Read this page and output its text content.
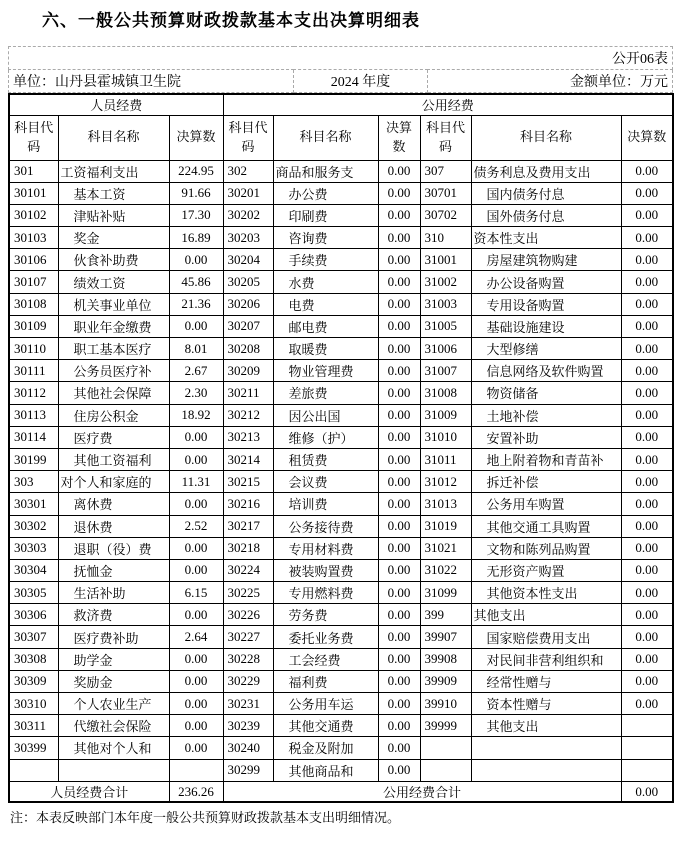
六、一般公共预算财政拨款基本支出决算明细表
公开06表
单位：山丹县霍城镇卫生院	2024 年度	金额单位：万元
人员经费			公用经费					
科目代码	科目名称	决算数	科目代码	科目名称	决算数	科目代码	科目名称	决算数
301	工资福利支出	224.95	302	商品和服务支	0.00	307	债务利息及费用支出	0.00
30101	　基本工资	91.66	30201	　办公费	0.00	30701	　国内债务付息	0.00
30102	　津贴补贴	17.30	30202	　印刷费	0.00	30702	　国外债务付息	0.00
30103	　奖金	16.89	30203	　咨询费	0.00	310	资本性支出	0.00
30106	　伙食补助费	0.00	30204	　手续费	0.00	31001	　房屋建筑物购建	0.00
30107	　绩效工资	45.86	30205	　水费	0.00	31002	　办公设备购置	0.00
30108	　机关事业单位	21.36	30206	　电费	0.00	31003	　专用设备购置	0.00
30109	　职业年金缴费	0.00	30207	　邮电费	0.00	31005	　基础设施建设	0.00
30110	　职工基本医疗	8.01	30208	　取暖费	0.00	31006	　大型修缮	0.00
30111	　公务员医疗补	2.67	30209	　物业管理费	0.00	31007	　信息网络及软件购置	0.00
30112	　其他社会保障	2.30	30211	　差旅费	0.00	31008	　物资储备	0.00
30113	　住房公积金	18.92	30212	　因公出国	0.00	31009	　土地补偿	0.00
30114	　医疗费	0.00	30213	　维修（护）	0.00	31010	　安置补助	0.00
30199	　其他工资福利	0.00	30214	　租赁费	0.00	31011	　地上附着物和青苗补	0.00
303	对个人和家庭的	11.31	30215	　会议费	0.00	31012	　拆迁补偿	0.00
30301	　离休费	0.00	30216	　培训费	0.00	31013	　公务用车购置	0.00
30302	　退休费	2.52	30217	　公务接待费	0.00	31019	　其他交通工具购置	0.00
30303	　退职（役）费	0.00	30218	　专用材料费	0.00	31021	　文物和陈列品购置	0.00
30304	　抚恤金	0.00	30224	　被装购置费	0.00	31022	　无形资产购置	0.00
30305	　生活补助	6.15	30225	　专用燃料费	0.00	31099	　其他资本性支出	0.00
30306	　救济费	0.00	30226	　劳务费	0.00	399	其他支出	0.00
30307	　医疗费补助	2.64	30227	　委托业务费	0.00	39907	　国家赔偿费用支出	0.00
30308	　助学金	0.00	30228	　工会经费	0.00	39908	　对民间非营利组织和	0.00
30309	　奖励金	0.00	30229	　福利费	0.00	39909	　经常性赠与	0.00
30310	　个人农业生产	0.00	30231	　公务用车运	0.00	39910	　资本性赠与	0.00
30311	　代缴社会保险	0.00	30239	　其他交通费	0.00	39999	　其他支出	
30399	　其他对个人和	0.00	30240	　税金及附加	0.00			
			30299	　其他商品和	0.00			
人员经费合计		236.26	公用经费合计					0.00
注：本表反映部门本年度一般公共预算财政拨款基本支出明细情况。
